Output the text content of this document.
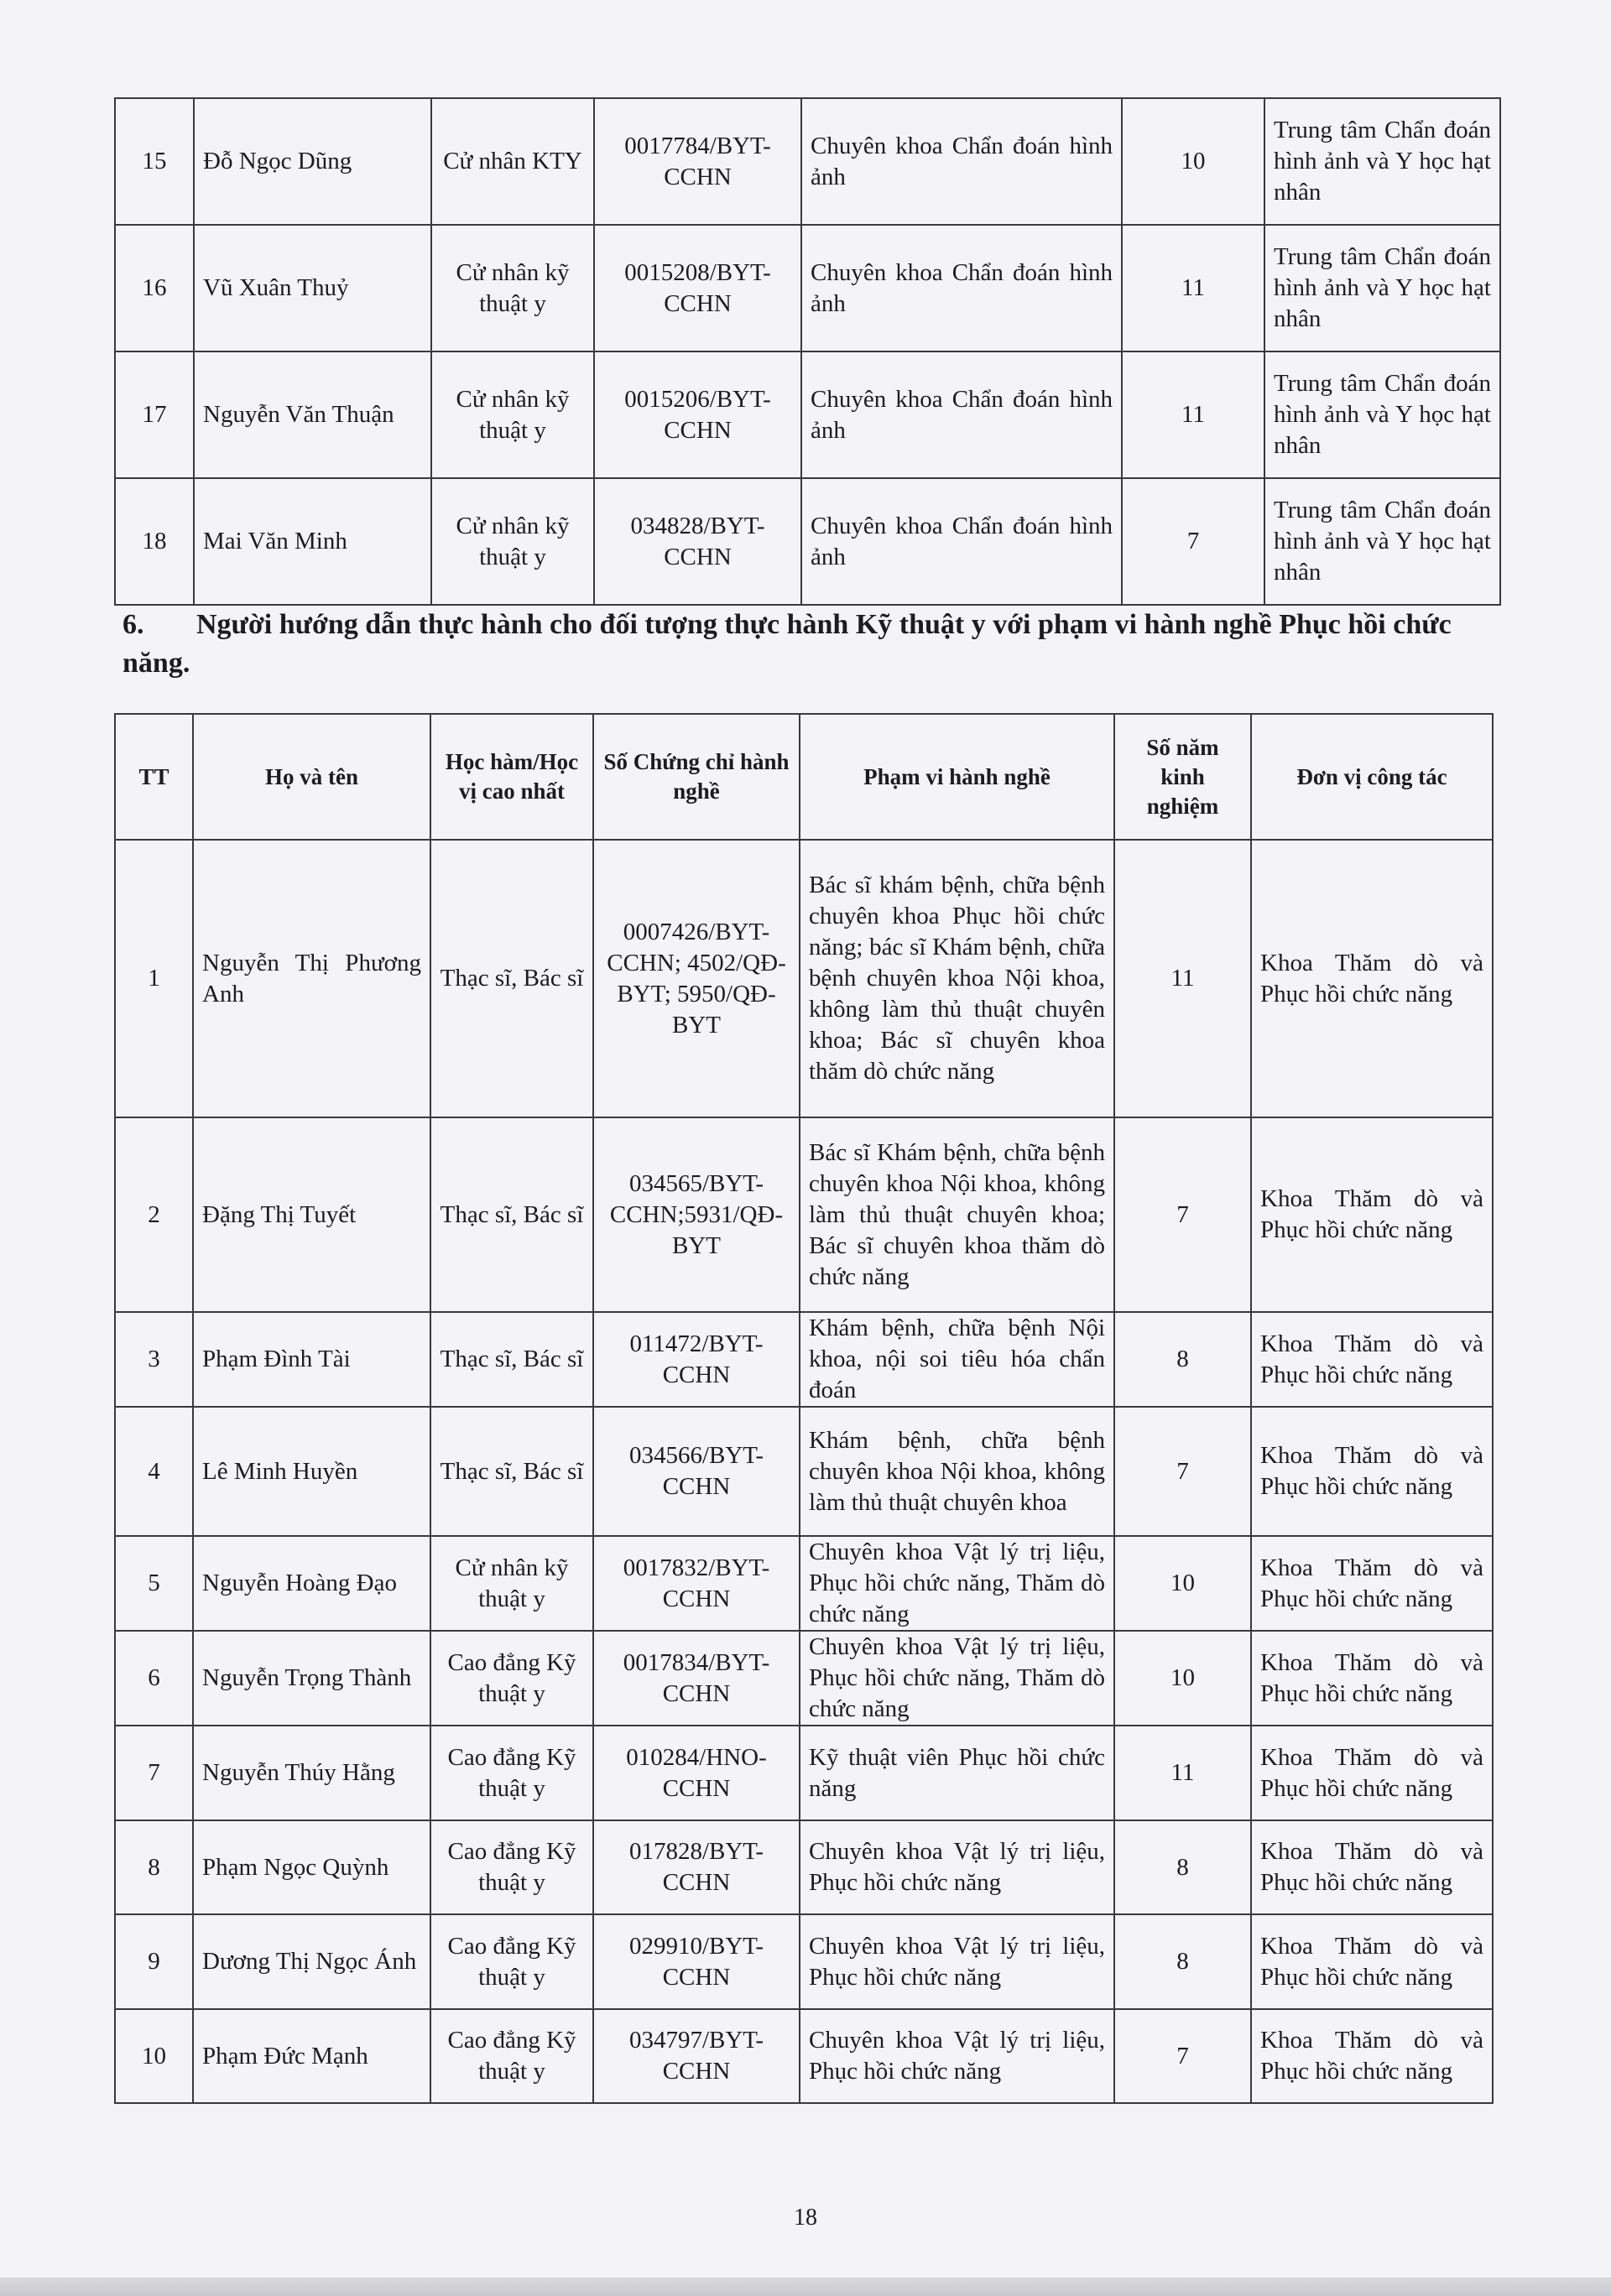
15	Đỗ Ngọc Dũng	Cử nhân KTY	0017784/BYT-CCHN	Chuyên khoa Chẩn đoán hình ảnh	10	Trung tâm Chẩn đoán hình ảnh và Y học hạt nhân
16	Vũ Xuân Thuỷ	Cử nhân kỹ thuật y	0015208/BYT-CCHN	Chuyên khoa Chẩn đoán hình ảnh	11	Trung tâm Chẩn đoán hình ảnh và Y học hạt nhân
17	Nguyễn Văn Thuận	Cử nhân kỹ thuật y	0015206/BYT-CCHN	Chuyên khoa Chẩn đoán hình ảnh	11	Trung tâm Chẩn đoán hình ảnh và Y học hạt nhân
18	Mai Văn Minh	Cử nhân kỹ thuật y	034828/BYT-CCHN	Chuyên khoa Chẩn đoán hình ảnh	7	Trung tâm Chẩn đoán hình ảnh và Y học hạt nhân
6. Người hướng dẫn thực hành cho đối tượng thực hành Kỹ thuật y với phạm vi hành nghề Phục hồi chức năng.
TT	Họ và tên	Học hàm/Học vị cao nhất	Số Chứng chỉ hành nghề	Phạm vi hành nghề	Số năm kinh nghiệm	Đơn vị công tác
1	Nguyễn Thị Phương Anh	Thạc sĩ, Bác sĩ	0007426/BYT-CCHN; 4502/QĐ-BYT; 5950/QĐ-BYT	Bác sĩ khám bệnh, chữa bệnh chuyên khoa Phục hồi chức năng; bác sĩ Khám bệnh, chữa bệnh chuyên khoa Nội khoa, không làm thủ thuật chuyên khoa; Bác sĩ chuyên khoa thăm dò chức năng	11	Khoa Thăm dò và Phục hồi chức năng
2	Đặng Thị Tuyết	Thạc sĩ, Bác sĩ	034565/BYT-CCHN;5931/QĐ-BYT	Bác sĩ Khám bệnh, chữa bệnh chuyên khoa Nội khoa, không làm thủ thuật chuyên khoa; Bác sĩ chuyên khoa thăm dò chức năng	7	Khoa Thăm dò và Phục hồi chức năng
3	Phạm Đình Tài	Thạc sĩ, Bác sĩ	011472/BYT-CCHN	Khám bệnh, chữa bệnh Nội khoa, nội soi tiêu hóa chẩn đoán	8	Khoa Thăm dò và Phục hồi chức năng
4	Lê Minh Huyền	Thạc sĩ, Bác sĩ	034566/BYT-CCHN	Khám bệnh, chữa bệnh chuyên khoa Nội khoa, không làm thủ thuật chuyên khoa	7	Khoa Thăm dò và Phục hồi chức năng
5	Nguyễn Hoàng Đạo	Cử nhân kỹ thuật y	0017832/BYT-CCHN	Chuyên khoa Vật lý trị liệu, Phục hồi chức năng, Thăm dò chức năng	10	Khoa Thăm dò và Phục hồi chức năng
6	Nguyễn Trọng Thành	Cao đẳng Kỹ thuật y	0017834/BYT-CCHN	Chuyên khoa Vật lý trị liệu, Phục hồi chức năng, Thăm dò chức năng	10	Khoa Thăm dò và Phục hồi chức năng
7	Nguyễn Thúy Hằng	Cao đẳng Kỹ thuật y	010284/HNO-CCHN	Kỹ thuật viên Phục hồi chức năng	11	Khoa Thăm dò và Phục hồi chức năng
8	Phạm Ngọc Quỳnh	Cao đẳng Kỹ thuật y	017828/BYT-CCHN	Chuyên khoa Vật lý trị liệu, Phục hồi chức năng	8	Khoa Thăm dò và Phục hồi chức năng
9	Dương Thị Ngọc Ánh	Cao đẳng Kỹ thuật y	029910/BYT-CCHN	Chuyên khoa Vật lý trị liệu, Phục hồi chức năng	8	Khoa Thăm dò và Phục hồi chức năng
10	Phạm Đức Mạnh	Cao đẳng Kỹ thuật y	034797/BYT-CCHN	Chuyên khoa Vật lý trị liệu, Phục hồi chức năng	7	Khoa Thăm dò và Phục hồi chức năng
18
